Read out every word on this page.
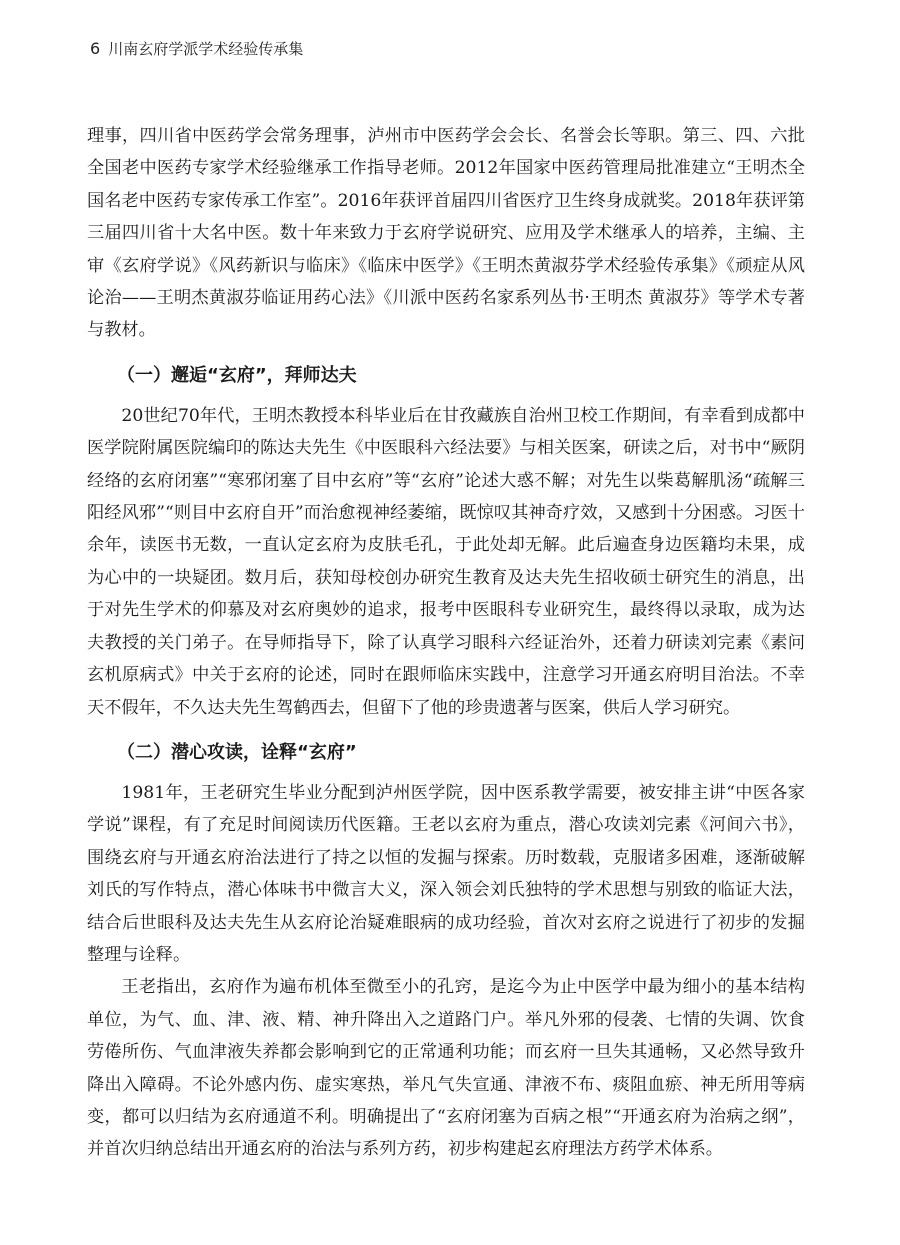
6 川南玄府学派学术经验传承集

理事，四川省中医药学会常务理事，泸州市中医药学会会长、名誉会长等职。第三、四、六批全国老中医药专家学术经验继承工作指导老师。2012年国家中医药管理局批准建立“王明杰全国名老中医药专家传承工作室”。2016年获评首届四川省医疗卫生终身成就奖。2018年获评第三届四川省十大名中医。数十年来致力于玄府学说研究、应用及学术继承人的培养，主编、主审《玄府学说》《风药新识与临床》《临床中医学》《王明杰黄淑芬学术经验传承集》《顽症从风论治——王明杰黄淑芬临证用药心法》《川派中医药名家系列丛书·王明杰 黄淑芬》等学术专著与教材。

（一）邂逅“玄府”，拜师达夫

20世纪70年代，王明杰教授本科毕业后在甘孜藏族自治州卫校工作期间，有幸看到成都中医学院附属医院编印的陈达夫先生《中医眼科六经法要》与相关医案，研读之后，对书中“厥阴经络的玄府闭塞”“寒邪闭塞了目中玄府”等“玄府”论述大惑不解；对先生以柴葛解肌汤“疏解三阳经风邪”“则目中玄府自开”而治愈视神经萎缩，既惊叹其神奇疗效，又感到十分困惑。习医十余年，读医书无数，一直认定玄府为皮肤毛孔，于此处却无解。此后遍查身边医籍均未果，成为心中的一块疑团。数月后，获知母校创办研究生教育及达夫先生招收硕士研究生的消息，出于对先生学术的仰慕及对玄府奥妙的追求，报考中医眼科专业研究生，最终得以录取，成为达夫教授的关门弟子。在导师指导下，除了认真学习眼科六经证治外，还着力研读刘完素《素问玄机原病式》中关于玄府的论述，同时在跟师临床实践中，注意学习开通玄府明目治法。不幸天不假年，不久达夫先生驾鹤西去，但留下了他的珍贵遗著与医案，供后人学习研究。

（二）潜心攻读，诠释“玄府”

1981年，王老研究生毕业分配到泸州医学院，因中医系教学需要，被安排主讲“中医各家学说”课程，有了充足时间阅读历代医籍。王老以玄府为重点，潜心攻读刘完素《河间六书》，围绕玄府与开通玄府治法进行了持之以恒的发掘与探索。历时数载，克服诸多困难，逐渐破解刘氏的写作特点，潜心体味书中微言大义，深入领会刘氏独特的学术思想与别致的临证大法，结合后世眼科及达夫先生从玄府论治疑难眼病的成功经验，首次对玄府之说进行了初步的发掘整理与诠释。

王老指出，玄府作为遍布机体至微至小的孔窍，是迄今为止中医学中最为细小的基本结构单位，为气、血、津、液、精、神升降出入之道路门户。举凡外邪的侵袭、七情的失调、饮食劳倦所伤、气血津液失养都会影响到它的正常通利功能；而玄府一旦失其通畅，又必然导致升降出入障碍。不论外感内伤、虚实寒热，举凡气失宣通、津液不布、痰阻血瘀、神无所用等病变，都可以归结为玄府通道不利。明确提出了“玄府闭塞为百病之根”“开通玄府为治病之纲”，并首次归纳总结出开通玄府的治法与系列方药，初步构建起玄府理法方药学术体系。
